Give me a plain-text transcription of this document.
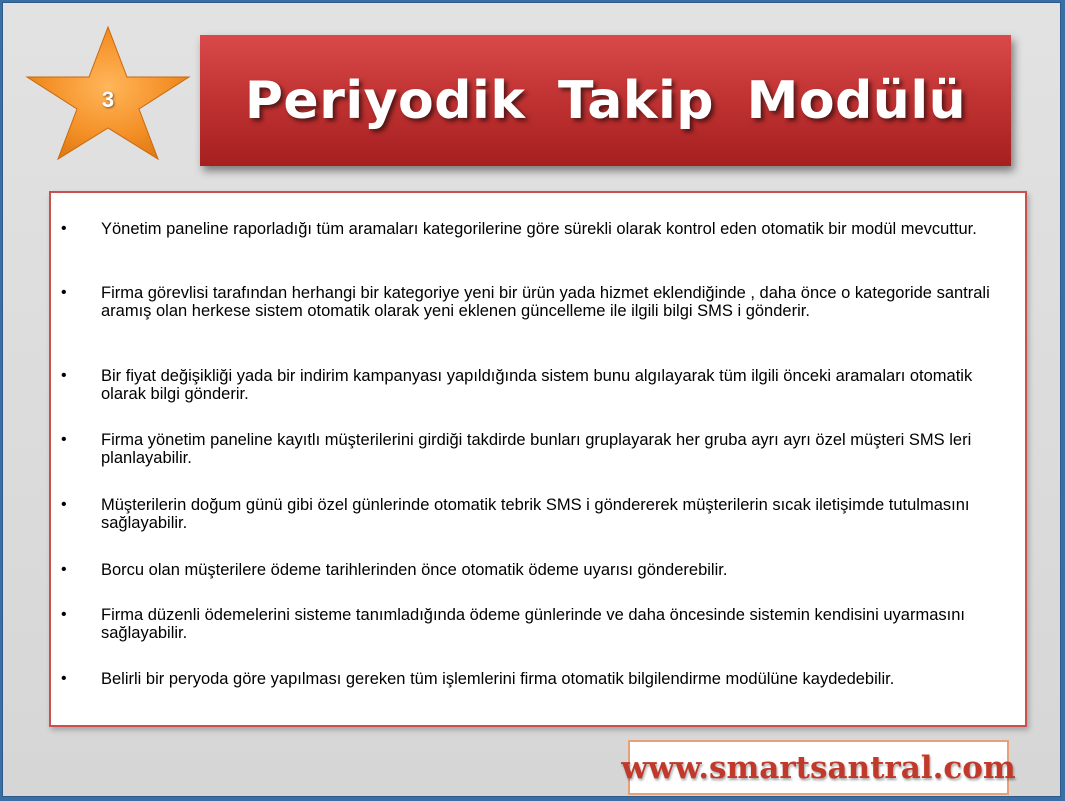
3	Periyodik Takip Modülü
•	Yönetim paneline raporladığı tüm aramaları kategorilerine göre sürekli olarak kontrol eden otomatik bir modül mevcuttur.
•	Firma görevlisi tarafından herhangi bir kategoriye yeni bir ürün yada hizmet eklendiğinde , daha önce o kategoride santrali aramış olan herkese sistem otomatik olarak yeni eklenen güncelleme ile ilgili bilgi SMS i gönderir.
•	Bir fiyat değişikliği yada bir indirim kampanyası yapıldığında sistem bunu algılayarak tüm ilgili önceki aramaları otomatik olarak bilgi gönderir.
•	Firma yönetim paneline kayıtlı müşterilerini girdiği takdirde bunları gruplayarak her gruba ayrı ayrı özel müşteri SMS leri planlayabilir.
•	Müşterilerin doğum günü gibi özel günlerinde otomatik tebrik SMS i göndererek müşterilerin sıcak iletişimde tutulmasını sağlayabilir.
•	Borcu olan müşterilere ödeme tarihlerinden önce otomatik ödeme uyarısı gönderebilir.
•	Firma düzenli ödemelerini sisteme tanımladığında ödeme günlerinde ve daha öncesinde sistemin kendisini uyarmasını sağlayabilir.
•	Belirli bir peryoda göre yapılması gereken tüm işlemlerini firma otomatik bilgilendirme modülüne kaydedebilir.
www.smartsantral.com
